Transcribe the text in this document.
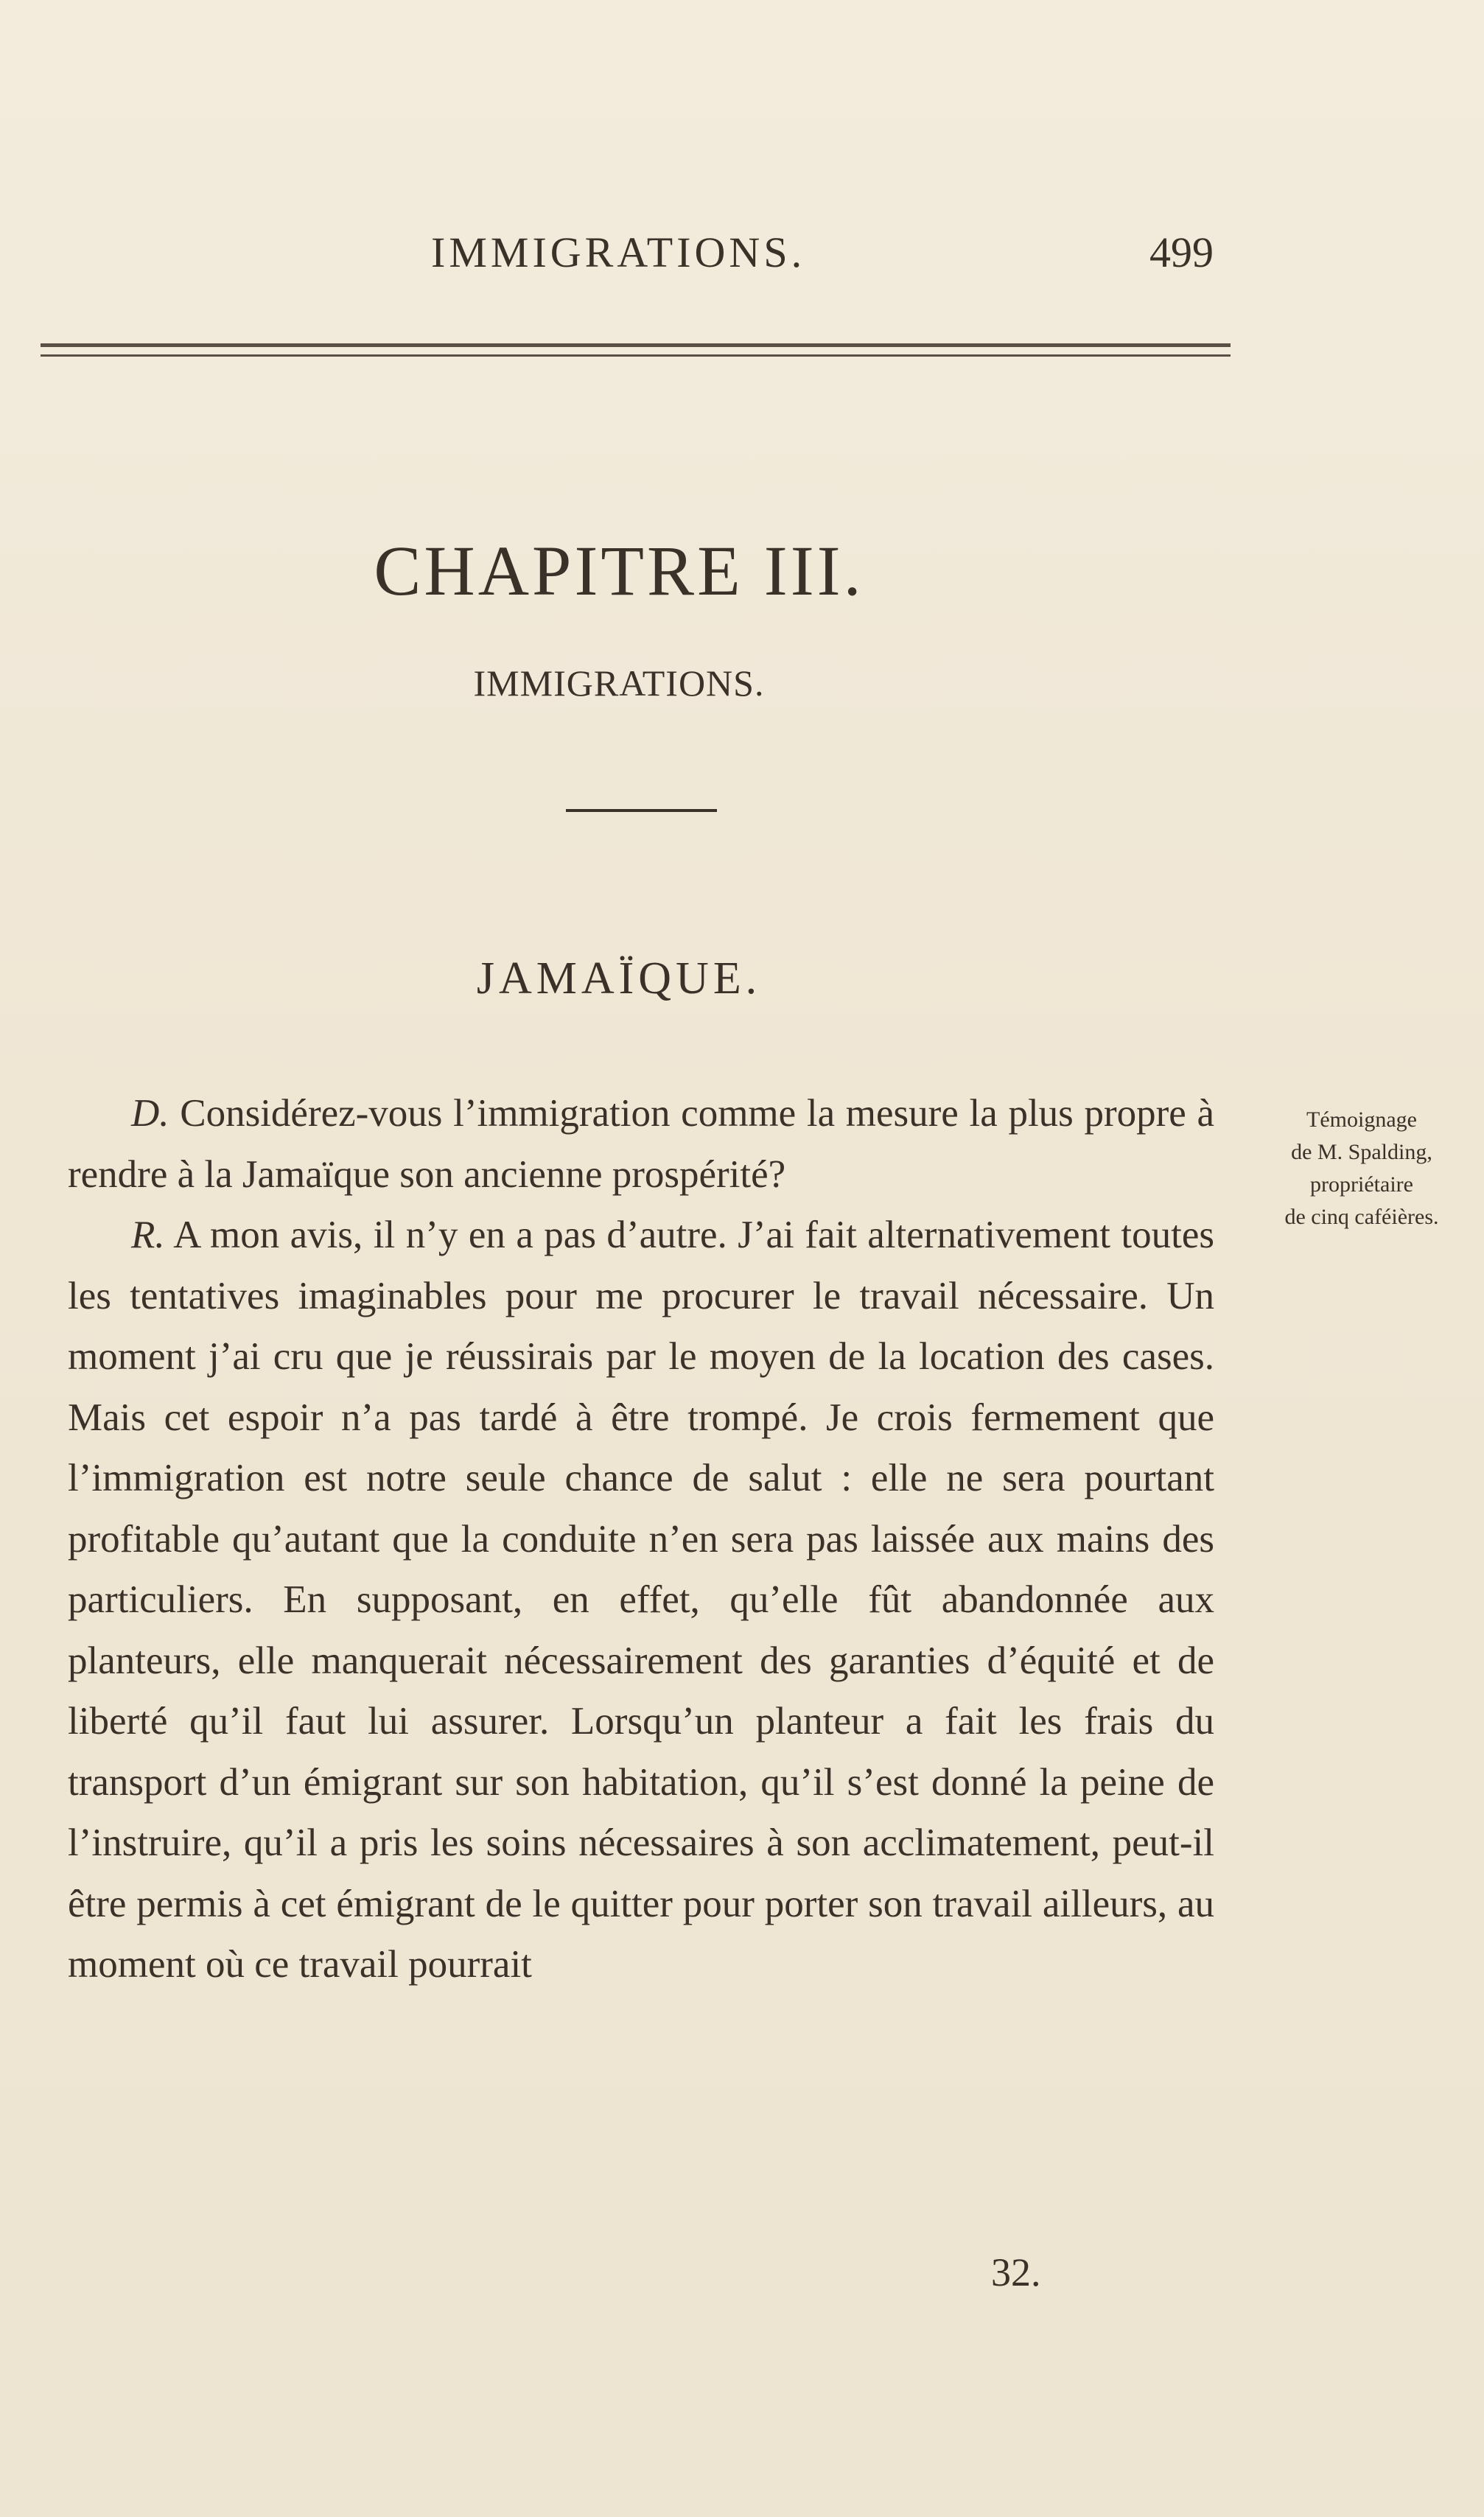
IMMIGRATIONS.	499
CHAPITRE III.
IMMIGRATIONS.
JAMAÏQUE.
Témoignage
de M. Spalding,
propriétaire
de cinq caféières.

D. Considérez-vous l’immigration comme la mesure la plus propre à rendre à la Jamaïque son ancienne prospérité?

R. A mon avis, il n’y en a pas d’autre. J’ai fait alternativement toutes les tentatives imaginables pour me procurer le travail nécessaire. Un moment j’ai cru que je réussirais par le moyen de la location des cases. Mais cet espoir n’a pas tardé à être trompé. Je crois fermement que l’immigration est notre seule chance de salut : elle ne sera pourtant profitable qu’autant que la conduite n’en sera pas laissée aux mains des particuliers. En supposant, en effet, qu’elle fût abandonnée aux planteurs, elle manquerait nécessairement des garanties d’équité et de liberté qu’il faut lui assurer. Lorsqu’un planteur a fait les frais du transport d’un émigrant sur son habitation, qu’il s’est donné la peine de l’instruire, qu’il a pris les soins nécessaires à son acclimatement, peut-il être permis à cet émigrant de le quitter pour porter son travail ailleurs, au moment où ce travail pourrait

32.
